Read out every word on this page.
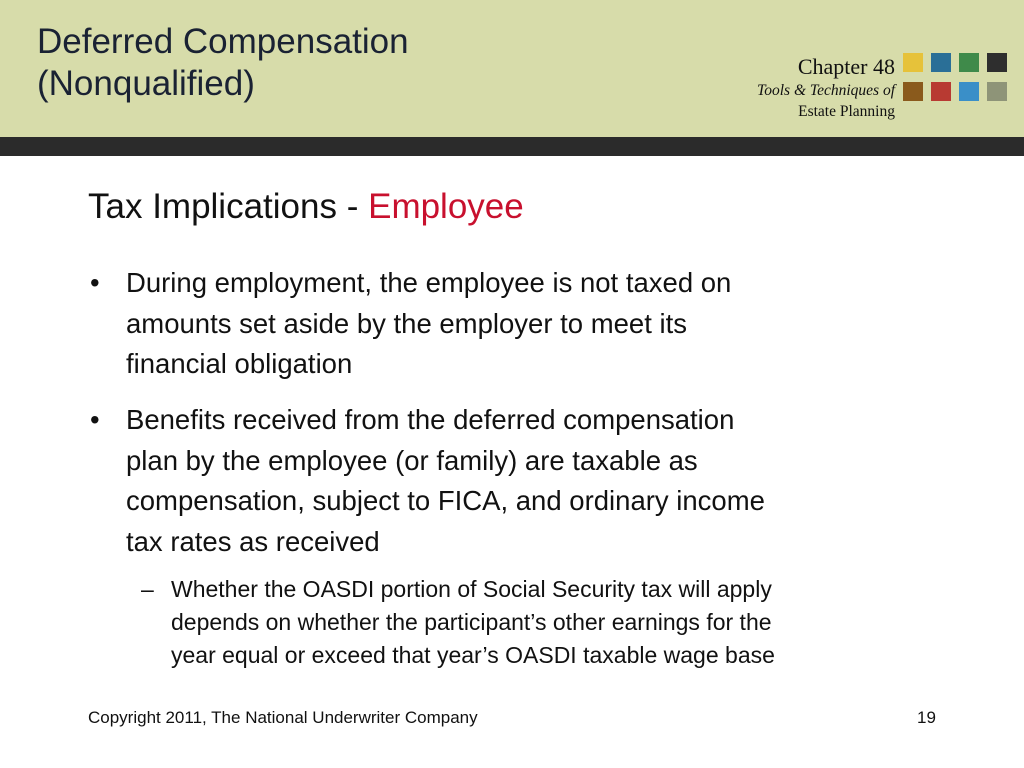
Deferred Compensation
(Nonqualified)	Chapter 48
Tools & Techniques of
Estate Planning
Tax Implications - Employee
• During employment, the employee is not taxed on
amounts set aside by the employer to meet its
financial obligation
• Benefits received from the deferred compensation
plan by the employee (or family) are taxable as
compensation, subject to FICA, and ordinary income
tax rates as received
– Whether the OASDI portion of Social Security tax will apply
depends on whether the participant’s other earnings for the
year equal or exceed that year’s OASDI taxable wage base
Copyright 2011, The National Underwriter Company	19
